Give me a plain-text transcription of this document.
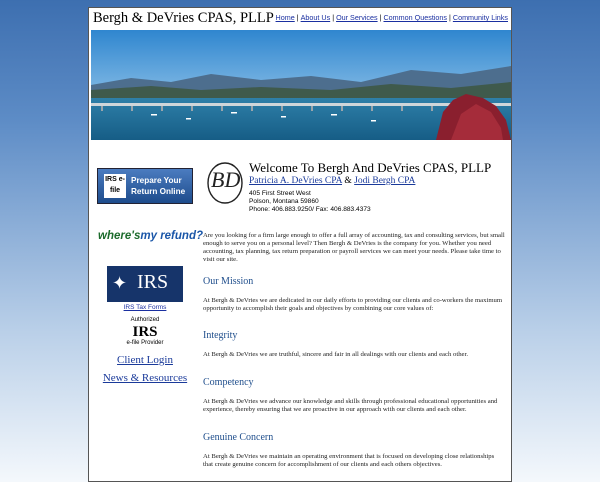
Bergh & DeVries CPAS, PLLP Home | About Us | Our Services | Common Questions | Community Links
IRS e-file
Prepare Your Return Online
where'smy refund?
✦ IRS
IRS Tax Forms
Authorized
IRS
e-file Provider
Client Login
News & Resources
BD Welcome To Bergh And DeVries CPAS, PLLP
Patricia A. DeVries CPA & Jodi Bergh CPA
405 First Street West
Polson, Montana 59860
Phone: 406.883.9250/ Fax: 406.883.4373
Are you looking for a firm large enough to offer a full array of accounting, tax and consulting services, but small enough to serve you on a personal level? Then Bergh & DeVries is the company for you. Whether you need accounting, tax planning, tax return preparation or payroll services we can meet your needs. Please take time to visit our site.
Our Mission
At Bergh & DeVries we are dedicated in our daily efforts to providing our clients and co-workers the maximum opportunity to accomplish their goals and objectives by combining our core values of:
Integrity
At Bergh & DeVries we are truthful, sincere and fair in all dealings with our clients and each other.
Competency
At Bergh & DeVries we advance our knowledge and skills through professional educational opportunities and experience, thereby ensuring that we are proactive in our approach with our clients and each other.
Genuine Concern
At Bergh & DeVries we maintain an operating environment that is focused on developing close relationships that create genuine concern for accomplishment of our clients and each others objectives.
